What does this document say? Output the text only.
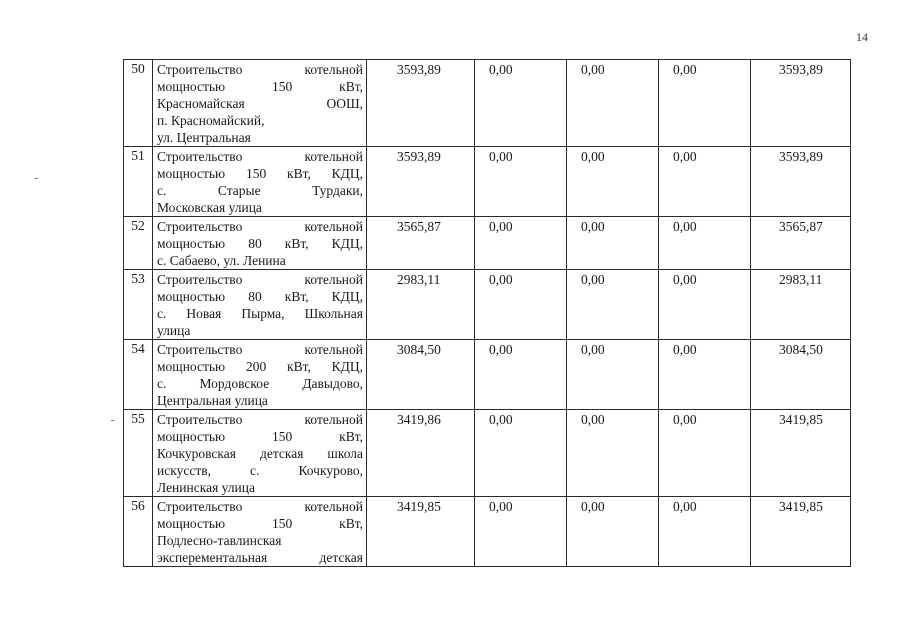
14
50	Строительство котельной
мощностью 150 кВт,
Красномайская ООШ,
п. Красномайский,
ул. Центральная	3593,89	0,00	0,00	0,00	3593,89
51	Строительство котельной
мощностью 150 кВт, КДЦ,
с. Старые Турдаки,
Московская улица	3593,89	0,00	0,00	0,00	3593,89
52	Строительство котельной
мощностью 80 кВт, КДЦ,
с. Сабаево, ул. Ленина	3565,87	0,00	0,00	0,00	3565,87
53	Строительство котельной
мощностью 80 кВт, КДЦ,
с. Новая Пырма, Школьная
улица	2983,11	0,00	0,00	0,00	2983,11
54	Строительство котельной
мощностью 200 кВт, КДЦ,
с. Мордовское Давыдово,
Центральная улица	3084,50	0,00	0,00	0,00	3084,50
55	Строительство котельной
мощностью 150 кВт,
Кочкуровская детская школа
искусств, с. Кочкурово,
Ленинская улица	3419,86	0,00	0,00	0,00	3419,85
56	Строительство котельной
мощностью 150 кВт,
Подлесно-тавлинская
эксперементальная детская	3419,85	0,00	0,00	0,00	3419,85
